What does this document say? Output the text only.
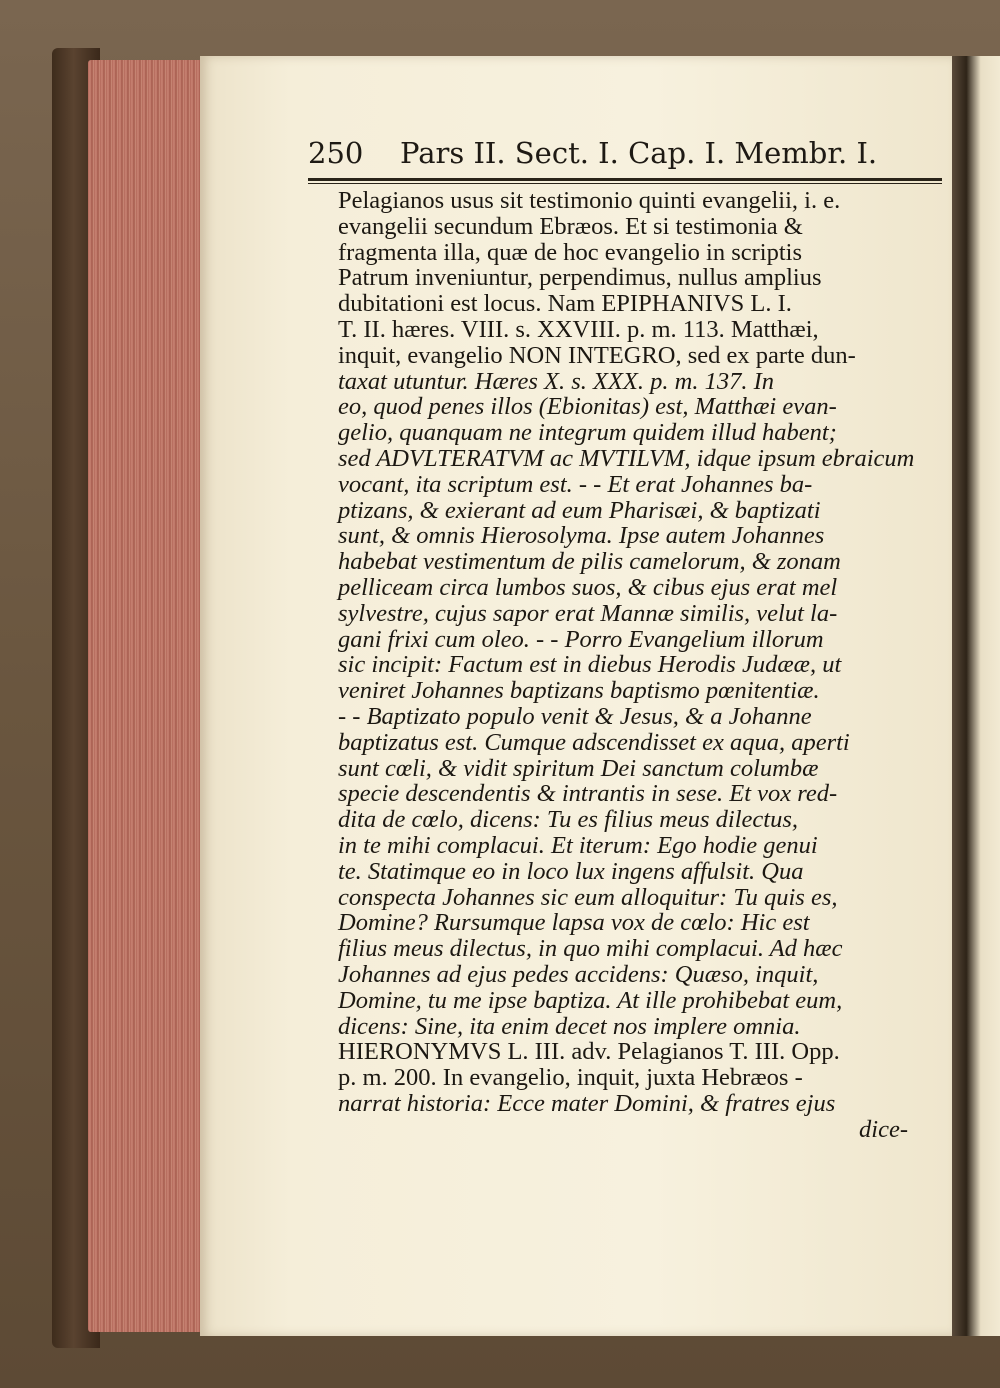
250 Pars II. Sect. I. Cap. I. Membr. I.
Pelagianos usus sit testimonio quinti evangelii, i. e.
evangelii secundum Ebræos. Et si testimonia &
fragmenta illa, quæ de hoc evangelio in scriptis
Patrum inveniuntur, perpendimus, nullus amplius
dubitationi est locus. Nam EPIPHANIVS L. I.
T. II. hæres. VIII. s. XXVIII. p. m. 113. Matthæi,
inquit, evangelio NON INTEGRO, sed ex parte dun-
taxat utuntur. Hæres X. s. XXX. p. m. 137. In
eo, quod penes illos (Ebionitas) est, Matthæi evan-
gelio, quanquam ne integrum quidem illud habent;
sed ADVLTERATVM ac MVTILVM, idque ipsum ebraicum
vocant, ita scriptum est. - - Et erat Johannes ba-
ptizans, & exierant ad eum Pharisæi, & baptizati
sunt, & omnis Hierosolyma. Ipse autem Johannes
habebat vestimentum de pilis camelorum, & zonam
pelliceam circa lumbos suos, & cibus ejus erat mel
sylvestre, cujus sapor erat Mannæ similis, velut la-
gani frixi cum oleo. - - Porro Evangelium illorum
sic incipit: Factum est in diebus Herodis Judææ, ut
veniret Johannes baptizans baptismo pœnitentiæ.
- - Baptizato populo venit & Jesus, & a Johanne
baptizatus est. Cumque adscendisset ex aqua, aperti
sunt cœli, & vidit spiritum Dei sanctum columbæ
specie descendentis & intrantis in sese. Et vox red-
dita de cœlo, dicens: Tu es filius meus dilectus,
in te mihi complacui. Et iterum: Ego hodie genui
te. Statimque eo in loco lux ingens affulsit. Qua
conspecta Johannes sic eum alloquitur: Tu quis es,
Domine? Rursumque lapsa vox de cœlo: Hic est
filius meus dilectus, in quo mihi complacui. Ad hæc
Johannes ad ejus pedes accidens: Quæso, inquit,
Domine, tu me ipse baptiza. At ille prohibebat eum,
dicens: Sine, ita enim decet nos implere omnia.
HIERONYMVS L. III. adv. Pelagianos T. III. Opp.
p. m. 200. In evangelio, inquit, juxta Hebræos -
narrat historia: Ecce mater Domini, & fratres ejus
dice-
